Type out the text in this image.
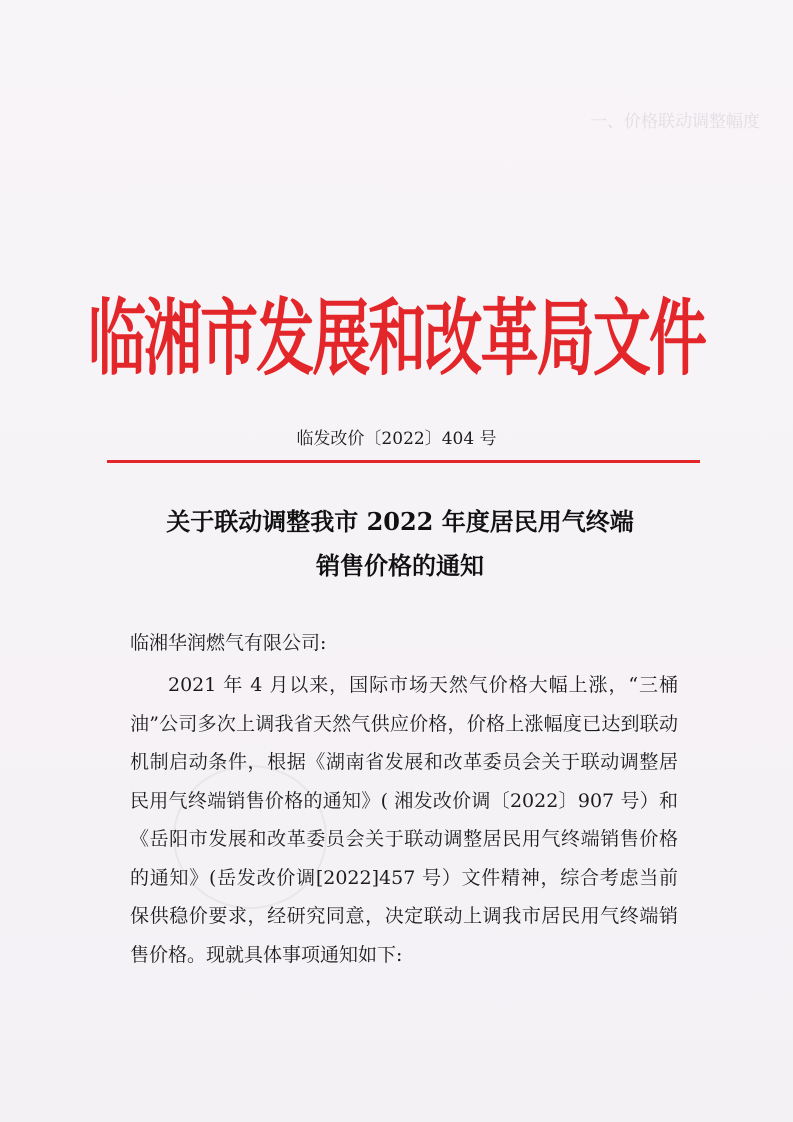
一、价格联动调整幅度
临湘市发展和改革局文件
临发改价〔2022〕404 号
关于联动调整我市 2022 年度居民用气终端
销售价格的通知
临湘华润燃气有限公司:

2021 年 4 月以来，国际市场天然气价格大幅上涨，“三桶油”公司多次上调我省天然气供应价格，价格上涨幅度已达到联动机制启动条件，根据《湖南省发展和改革委员会关于联动调整居民用气终端销售价格的通知》( 湘发改价调〔2022〕907 号）和《岳阳市发展和改革委员会关于联动调整居民用气终端销售价格的通知》(岳发改价调[2022]457 号）文件精神，综合考虑当前保供稳价要求，经研究同意，决定联动上调我市居民用气终端销售价格。现就具体事项通知如下:
